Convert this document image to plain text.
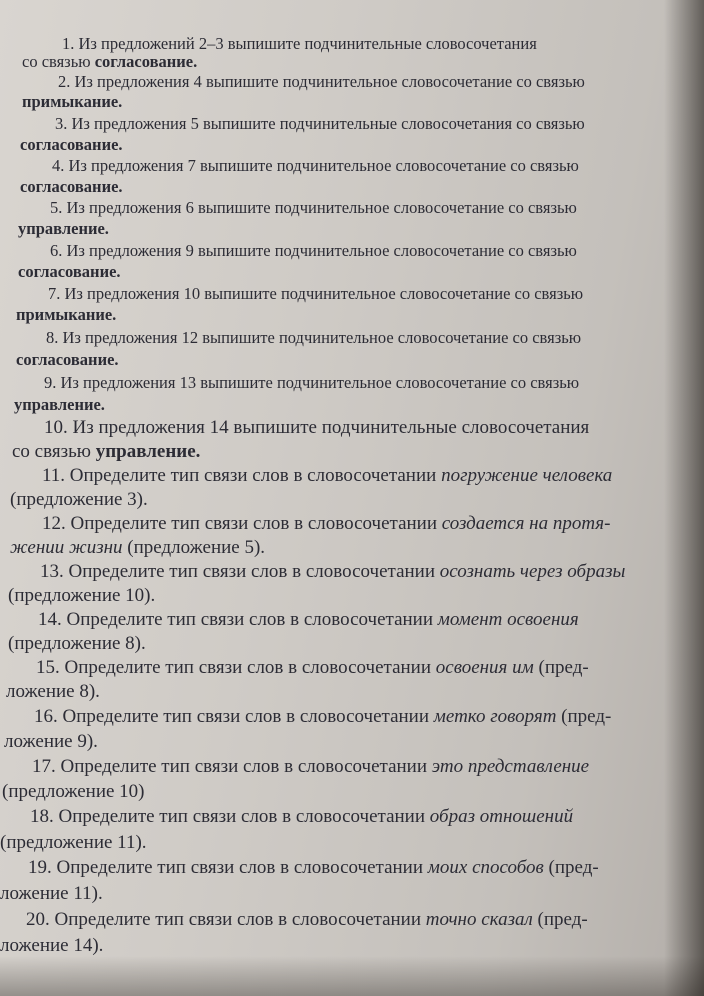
1. Из предложений 2–3 выпишите подчинительные словосочетания
со связью согласование.
2. Из предложения 4 выпишите подчинительное словосочетание со связью
примыкание.
3. Из предложения 5 выпишите подчинительные словосочетания со связью
согласование.
4. Из предложения 7 выпишите подчинительное словосочетание со связью
согласование.
5. Из предложения 6 выпишите подчинительное словосочетание со связью
управление.
6. Из предложения 9 выпишите подчинительное словосочетание со связью
согласование.
7. Из предложения 10 выпишите подчинительное словосочетание со связью
примыкание.
8. Из предложения 12 выпишите подчинительное словосочетание со связью
согласование.
9. Из предложения 13 выпишите подчинительное словосочетание со связью
управление.
10. Из предложения 14 выпишите подчинительные словосочетания
со связью управление.
11. Определите тип связи слов в словосочетании погружение человека
(предложение 3).
12. Определите тип связи слов в словосочетании создается на протя-
жении жизни (предложение 5).
13. Определите тип связи слов в словосочетании осознать через образы
(предложение 10).
14. Определите тип связи слов в словосочетании момент освоения
(предложение 8).
15. Определите тип связи слов в словосочетании освоения им (пред-
ложение 8).
16. Определите тип связи слов в словосочетании метко говорят (пред-
ложение 9).
17. Определите тип связи слов в словосочетании это представление
(предложение 10)
18. Определите тип связи слов в словосочетании образ отношений
(предложение 11).
19. Определите тип связи слов в словосочетании моих способов (пред-
ложение 11).
20. Определите тип связи слов в словосочетании точно сказал (пред-
ложение 14).
